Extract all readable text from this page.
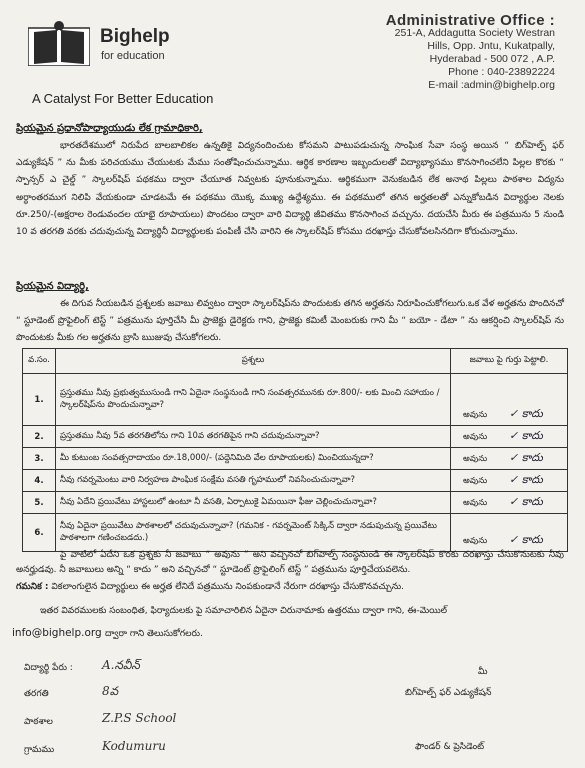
Bighelp
for education
A Catalyst For Better Education
Administrative Office :
251-A, Addagutta Society Westran
Hills, Opp. Jntu, Kukatpally,
Hyderabad - 500 072 , A.P.
Phone : 040-23892224
E-mail :admin@bighelp.org
ప్రియమైన ప్రధానోపాధ్యాయుడు లేక గ్రామాధికారి,
భారతదేశములో నిరుపేద బాలబాలికల ఉన్నతికై విద్యనందించుట కోసమని పాటుపడుచున్న సాంఘిక సేవా సంస్థ అయిన “ బిగ్‌హెల్ప్ ఫర్ ఎడ్యుకేషన్ ” ను మీకు పరిచయము చేయుటకు మేము సంతోషించుచున్నాము. ఆర్థిక కారణాల ఇబ్బందులతో విద్యాభ్యాసము కొనసాగించలేని పిల్లల కొరకు “ స్పాన్సర్ ఎ చైల్డ్ ” స్కాలర్‌షిప్ పథకము ద్వారా చేయూత నివ్వటకు పూనుకున్నాము. ఆర్థికముగా వెనుకబడిన లేక అనాథ పిల్లలు పాఠశాల విద్యను అర్ధాంతరముగ నిలిపి వేయకుండా చూడటమే ఈ పథకము యొక్క ముఖ్య ఉద్దేశ్యము. ఈ పథకములో తగిన అర్హతలతో ఎన్నుకోబడిన విద్యార్థుల నెలకు రూ.250/-(అక్షరాల రెండువందల యాభై రూపాయలు) పొందటం ద్వారా వారి విద్యార్థి జీవితము కొనసాగించ వచ్చును. దయచేసి మీరు ఈ పత్రమును 5 నుండి 10 వ తరగతి వరకు చదువుచున్న విద్యార్థినీ విద్యార్థులకు పంపిణీ చేసి వారిని ఈ స్కాలర్‌షిప్ కోసము దరఖాస్తు చేసుకోవలసినదిగా కోరుచున్నాము.
ప్రియమైన విద్యార్థి,
ఈ దిగువ నీయబడిన ప్రశ్నలకు జవాబు లివ్వటం ద్వారా స్కాలర్‌షిప్‌ను పొందుటకు తగిన అర్హతను నిరూపించుకోగలుగు.ఒక వేళ అర్హతను పొందినచో “ స్టూడెంట్ ప్రొఫైలింగ్ టెస్ట్ ” పత్రమును పూర్తిచేసి మీ ప్రాజెక్టు డైరెక్టరు గాని, ప్రాజెక్టు కమిటీ మెంబరుకు గాని మీ “ బయో - డేటా ” ను ఆకర్షించి స్కాలర్‌షిప్ ను పొందుటకు మీకు గల అర్హతను బ్రాసి ఋజువు చేసుకోగలరు.
వ.సం.	ప్రశ్నలు	జవాబు పై గుర్తు పెట్టాలి.
1.	ప్రస్తుతము నీవు ప్రభుత్వముసుండి గాని ఏదైనా సంస్థనుండి గాని సంవత్సరమునకు రూ.800/- లకు మించి సహాయం / స్కాలర్‌షిప్‌ను పొందుచున్నావా?	అవును ✓ కాదు

2.	ప్రస్తుతము నీవు 5వ తరగతిలోను గాని 10వ తరగతిపైన గాని చదువుచున్నావా?	అవును ✓ కాదు

3.	మీ కుటుంబ సంవత్సరాదాయం రూ.18,000/- (పద్దెనిమిది వేల రూపాయలకు) మించియున్నదా?	అవును ✓ కాదు

4.	నీవు గవర్నమెంటు వారి నిర్వహణ పాంఘిక సంక్షేమ వసతి గృహములో నివసించుచున్నావా?	అవును ✓ కాదు

5.	నీవు ఏదేని ప్రయివేటు హాస్టలులో ఉంటూ నీ వసతి, ఏర్పాటుకై ఏమయినా ఫీజు చెల్లించుచున్నావా?	అవును ✓ కాదు

6.	నీవు ఏదైనా ప్రయివేటు పాఠశాలలో చదువుచున్నావా? (గమనిక - గవర్నమెంట్ సిక్కిన్ ద్వారా నడుపుచున్న ప్రయివేటు పాఠశాలగా గణించబడదు.)	అవును ✓ కాదు
పై వాటిలో ఏదేని ఒక ప్రశ్నకు నీ జవాబు “ అవును ” అని వచ్చినచో బిగ్‌హెల్ప్ సంస్థనుండి ఈ స్కాలర్‌షిప్ కొరకు దరఖాస్తు చేసుకొనుటకు నీవు అనర్హుడవు. నీ జవాబులు అన్ని “ కాదు ” అని వచ్చినచో “ స్టూడెంట్ ప్రొఫైలింగ్ టెస్ట్ ” పత్రమును పూర్తిచేయవలెను.
గమనిక : వికలాంగులైన విద్యార్థులు ఈ అర్హత లేనిదే పత్రమును నింపకుండానే నేరుగా దరఖాస్తు చేసుకొనవచ్చును.
ఇతర వివరములకు సంబంధిత, ఫిర్యాదులకు పై సమాచారిలిన ఏదైనా చిరునామాకు ఉత్తరము ద్వారా గాని, ఈ-మెయిల్
info@bighelp.org ద్వారా గాని తెలుసుకోగలరు.
విద్యార్థి పేరు : A.నవీన్
తరగతి	8వ
పాఠశాల	Z.P.S School
గ్రామము	Kodumuru
మీ
బిగ్‌హెల్ప్ ఫర్ ఎడ్యుకేషన్
ఫౌండర్ & ప్రెసిడెంట్
